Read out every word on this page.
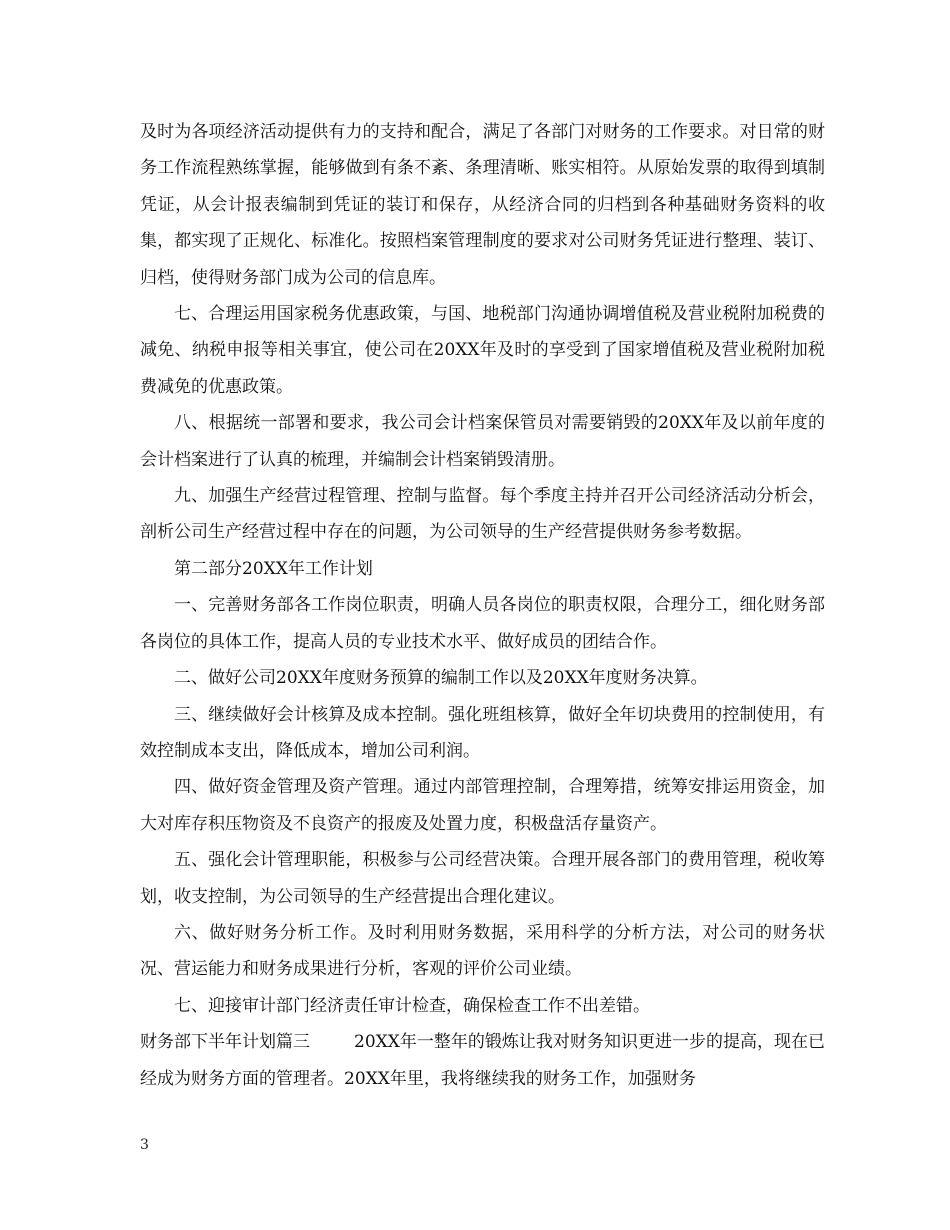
及时为各项经济活动提供有力的支持和配合，满足了各部门对财务的工作要求。对日常的财务工作流程熟练掌握，能够做到有条不紊、条理清晰、账实相符。从原始发票的取得到填制凭证，从会计报表编制到凭证的装订和保存，从经济合同的归档到各种基础财务资料的收集，都实现了正规化、标准化。按照档案管理制度的要求对公司财务凭证进行整理、装订、归档，使得财务部门成为公司的信息库。

七、合理运用国家税务优惠政策，与国、地税部门沟通协调增值税及营业税附加税费的减免、纳税申报等相关事宜，使公司在20XX年及时的享受到了国家增值税及营业税附加税费减免的优惠政策。

八、根据统一部署和要求，我公司会计档案保管员对需要销毁的20XX年及以前年度的会计档案进行了认真的梳理，并编制会计档案销毁清册。

九、加强生产经营过程管理、控制与监督。每个季度主持并召开公司经济活动分析会，剖析公司生产经营过程中存在的问题，为公司领导的生产经营提供财务参考数据。

第二部分20XX年工作计划

一、完善财务部各工作岗位职责，明确人员各岗位的职责权限，合理分工，细化财务部各岗位的具体工作，提高人员的专业技术水平、做好成员的团结合作。

二、做好公司20XX年度财务预算的编制工作以及20XX年度财务决算。

三、继续做好会计核算及成本控制。强化班组核算，做好全年切块费用的控制使用，有效控制成本支出，降低成本，增加公司利润。

四、做好资金管理及资产管理。通过内部管理控制，合理筹措，统筹安排运用资金，加大对库存积压物资及不良资产的报废及处置力度，积极盘活存量资产。

五、强化会计管理职能，积极参与公司经营决策。合理开展各部门的费用管理，税收筹划，收支控制，为公司领导的生产经营提出合理化建议。

六、做好财务分析工作。及时利用财务数据，采用科学的分析方法，对公司的财务状况、营运能力和财务成果进行分析，客观的评价公司业绩。

七、迎接审计部门经济责任审计检查，确保检查工作不出差错。

财务部下半年计划篇三	20XX年一整年的锻炼让我对财务知识更进一步的提高，现在已经成为财务方面的管理者。20XX年里，我将继续我的财务工作，加强财务

3
